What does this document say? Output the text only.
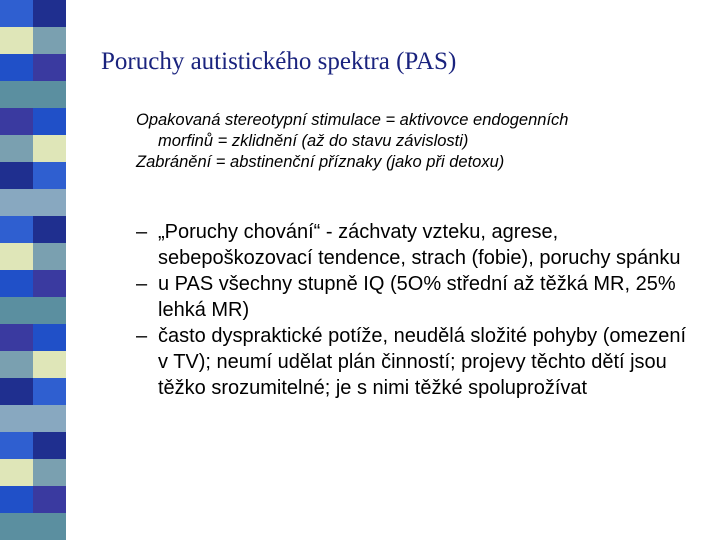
Poruchy autistického spektra (PAS)

Opakovaná stereotypní stimulace = aktivovce endogenních
morfinů = zklidnění (až do stavu závislosti)

Zabránění = abstinenční příznaky (jako při detoxu)

– „Poruchy chování“ - záchvaty vzteku, agrese, sebepoškozovací tendence, strach (fobie), poruchy spánku

– u PAS všechny stupně IQ (5O% střední až těžká MR, 25% lehká MR)

– často dyspraktické potíže, neudělá složité pohyby (omezení v TV); neumí udělat plán činností; projevy těchto dětí jsou těžko srozumitelné; je s nimi těžké spoluprožívat
